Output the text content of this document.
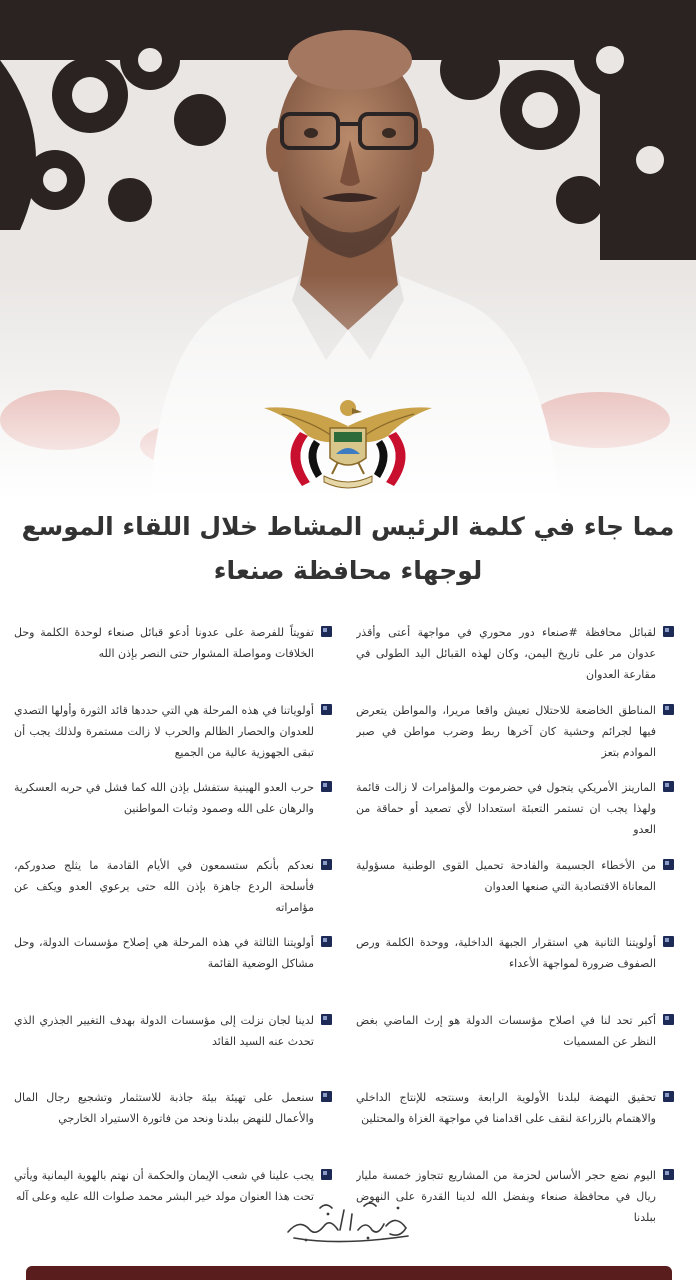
مما جاء في كلمة الرئيس المشاط خلال اللقاء الموسع لوجهاء محافظة صنعاء
لقبائل محافظة #صنعاء دور محوري في مواجهة أعتى وأقذر عدوان مر على تاريخ اليمن، وكان لهذه القبائل اليد الطولى في مقارعة العدوان
المناطق الخاضعة للاحتلال تعيش واقعا مريرا، والمواطن يتعرض فيها لجرائم وحشية كان آخرها ربط وضرب مواطن في صبر الموادم بتعز
المارينز الأمريكي يتجول في حضرموت والمؤامرات لا زالت قائمة ولهذا يجب ان تستمر التعبئة استعدادا لأي تصعيد أو حماقة من العدو
من الأخطاء الجسيمة والفادحة تحميل القوى الوطنية مسؤولية المعاناة الاقتصادية التي صنعها العدوان
أولويتنا الثانية هي استقرار الجبهة الداخلية، ووحدة الكلمة ورص الصفوف ضرورة لمواجهة الأعداء
أكبر تحد لنا في اصلاح مؤسسات الدولة هو إرث الماضي بغض النظر عن المسميات
تحقيق النهضة لبلدنا الأولوية الرابعة وسنتجه للإنتاج الداخلي والاهتمام بالزراعة لنقف على اقدامنا في مواجهة الغزاة والمحتلين
اليوم نضع حجر الأساس لحزمة من المشاريع تتجاوز خمسة مليار ريال في محافظة صنعاء وبفضل الله لدينا القدرة على النهوض ببلدنا
تفويتاً للفرصة على عدونا أدعو قبائل صنعاء لوحدة الكلمة وحل الخلافات ومواصلة المشوار حتى النصر بإذن الله
أولوياتنا في هذه المرحلة هي التي حددها قائد الثورة وأولها التصدي للعدوان والحصار الظالم والحرب لا زالت مستمرة ولذلك يجب أن تبقى الجهوزية عالية من الجميع
حرب العدو الهينية ستفشل بإذن الله كما فشل في حربه العسكرية والرهان على الله وصمود وثبات المواطنين
نعدكم بأنكم ستسمعون في الأيام القادمة ما يثلج صدوركم، فأسلحة الردع جاهزة بإذن الله حتى يرعوي العدو ويكف عن مؤامراته
أولويتنا الثالثة في هذه المرحلة هي إصلاح مؤسسات الدولة، وحل مشاكل الوضعية القائمة
لدينا لجان نزلت إلى مؤسسات الدولة بهدف التغيير الجذري الذي تحدث عنه السيد القائد
سنعمل على تهيئة بيئة جاذبة للاستثمار وتشجيع رجال المال والأعمال للنهض ببلدنا ونحد من فاتورة الاستيراد الخارجي
يجب علينا في شعب الإيمان والحكمة أن نهتم بالهوية اليمانية ويأتي تحت هذا العنوان مولد خير البشر محمد صلوات الله عليه وعلى آله
